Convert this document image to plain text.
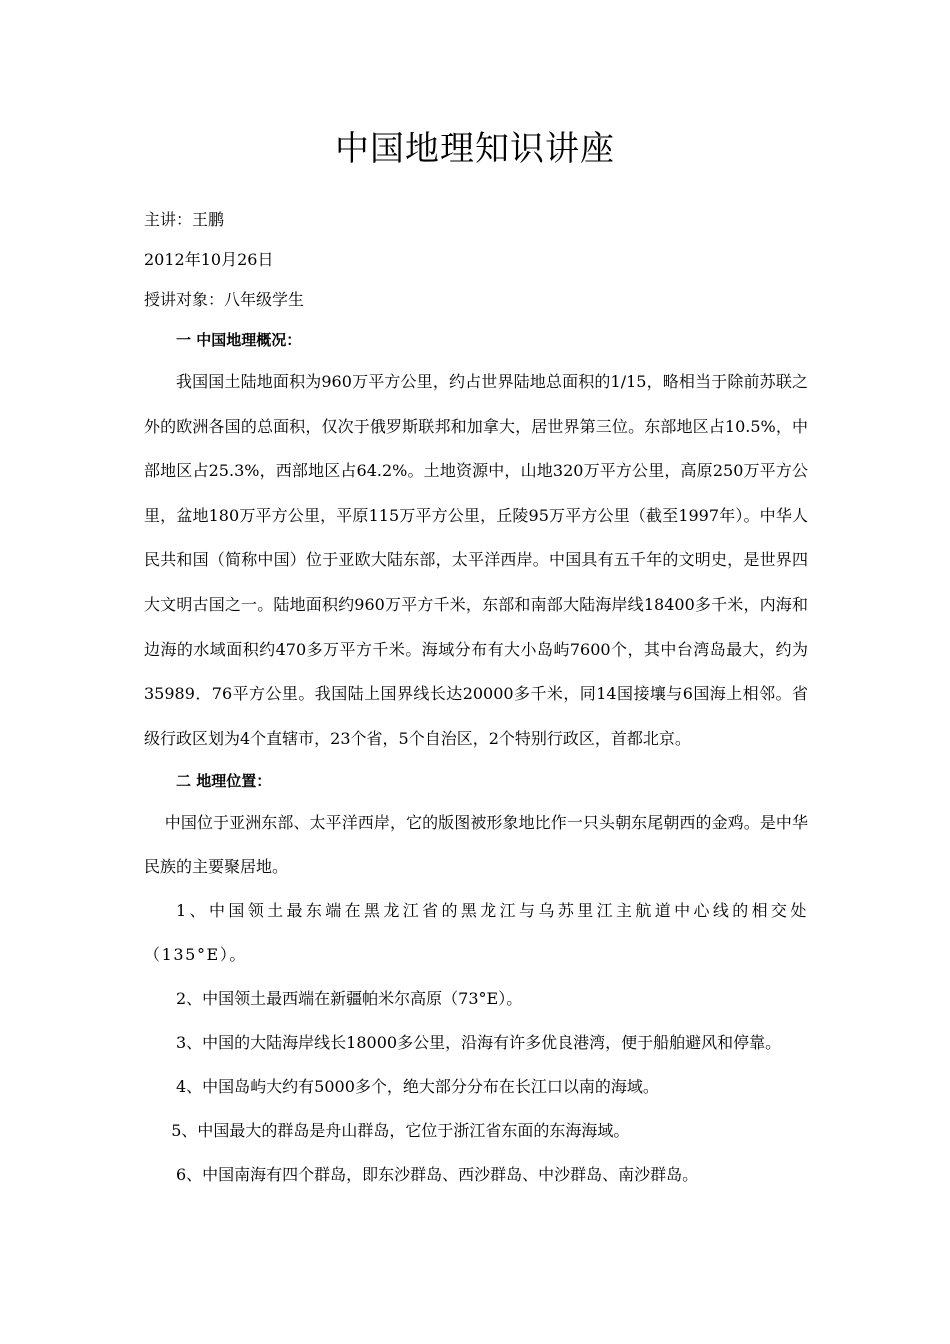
中国地理知识讲座

主讲：王鹏

2012年10月26日

授讲对象：八年级学生

一 中国地理概况：

我国国土陆地面积为960万平方公里，约占世界陆地总面积的1/15，略相当于除前苏联之外的欧洲各国的总面积，仅次于俄罗斯联邦和加拿大，居世界第三位。东部地区占10.5%，中部地区占25.3%，西部地区占64.2%。土地资源中，山地320万平方公里，高原250万平方公里，盆地180万平方公里，平原115万平方公里，丘陵95万平方公里（截至1997年）。中华人民共和国（简称中国）位于亚欧大陆东部，太平洋西岸。中国具有五千年的文明史，是世界四大文明古国之一。陆地面积约960万平方千米，东部和南部大陆海岸线18400多千米，内海和边海的水域面积约470多万平方千米。海域分布有大小岛屿7600个，其中台湾岛最大，约为35989．76平方公里。我国陆上国界线长达20000多千米，同14国接壤与6国海上相邻。省级行政区划为4个直辖市，23个省，5个自治区，2个特别行政区，首都北京。

二 地理位置：

中国位于亚洲东部、太平洋西岸，它的版图被形象地比作一只头朝东尾朝西的金鸡。是中华民族的主要聚居地。

1、中国领土最东端在黑龙江省的黑龙江与乌苏里江主航道中心线的相交处（135°E）。

2、中国领土最西端在新疆帕米尔高原（73°E）。

3、中国的大陆海岸线长18000多公里，沿海有许多优良港湾，便于船舶避风和停靠。

4、中国岛屿大约有5000多个，绝大部分分布在长江口以南的海域。

5、中国最大的群岛是舟山群岛，它位于浙江省东面的东海海域。

6、中国南海有四个群岛，即东沙群岛、西沙群岛、中沙群岛、南沙群岛。
